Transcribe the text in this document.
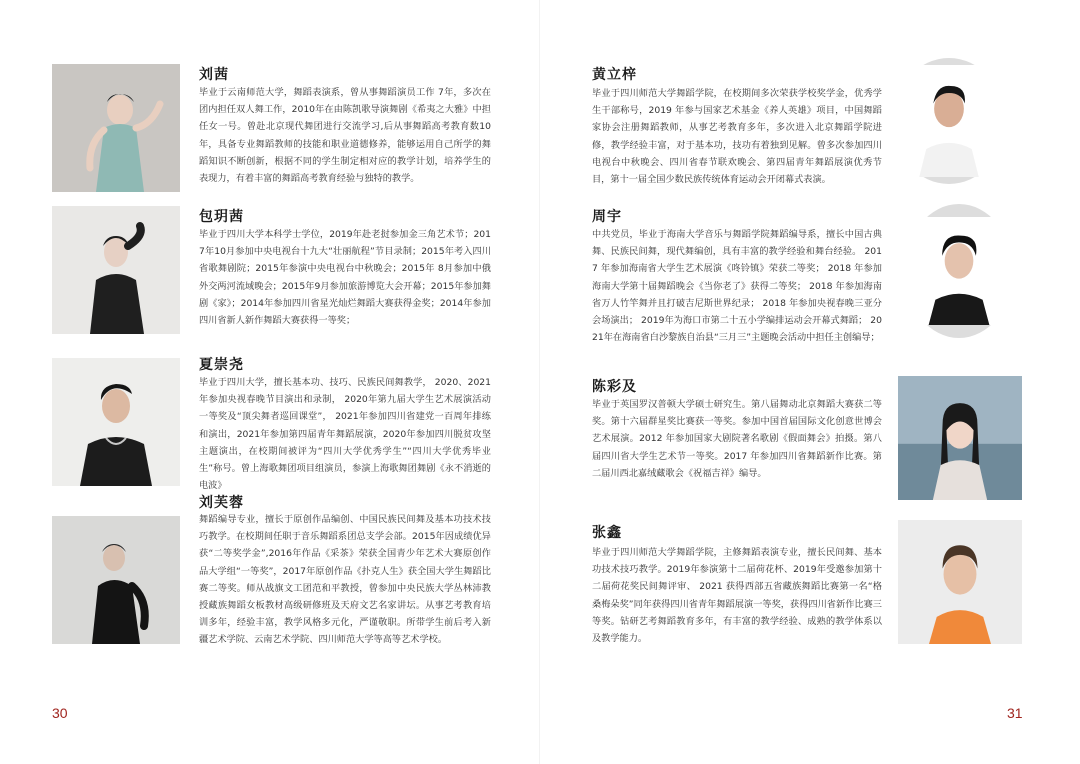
刘茜
毕业于云南师范大学，舞蹈表演系，曾从事舞蹈演员工作 7年，多次在团内担任双人舞工作，2010年在由陈凯歌导演舞剧《希夷之大雅》中担任女一号。曾赴北京现代舞团进行交流学习,后从事舞蹈高考教育数10年，具备专业舞蹈教师的技能和职业道德修养，能够运用自己所学的舞蹈知识不断创新，根据不同的学生制定相对应的教学计划，培养学生的表现力，有着丰富的舞蹈高考教育经验与独特的教学。
包玥茜
毕业于四川大学本科学士学位，2019年赴老挝参加金三角艺术节；2017年10月参加中央电视台十九大“壮丽航程”节目录制；2015年考入四川省歌舞剧院；2015年参演中央电视台中秋晚会；2015年 8月参加中俄外交两河流域晚会；2015年9月参加旅游博览大会开幕；2015年参加舞剧《家》；2014年参加四川省星光灿烂舞蹈大赛获得金奖；2014年参加四川省新人新作舞蹈大赛获得一等奖；
夏崇尧
毕业于四川大学，擅长基本功、技巧、民族民间舞教学， 2020、2021年参加央视春晚节目演出和录制， 2020年第九届大学生艺术展演活动一等奖及“顶尖舞者巡回课堂”， 2021年参加四川省建党一百周年排练和演出，2021年参加第四届青年舞蹈展演，2020年参加四川脱贫攻坚主题演出，在校期间被评为“四川大学优秀学生”“四川大学优秀毕业生”称号。曾上海歌舞团项目组演员，参演上海歌舞团舞剧《永不消逝的电波》
刘芙蓉
舞蹈编导专业，擅长于原创作品编创、中国民族民间舞及基本功技术技巧教学。在校期间任职于音乐舞蹈系团总支学会部。2015年因成绩优异获“二等奖学金”,2016年作品《采茶》荣获全国青少年艺术大赛原创作品大学组“一等奖”，2017年原创作品《扑克人生》获全国大学生舞蹈比赛二等奖。师从战旗文工团范和平教授，曾参加中央民族大学丛林沛教授藏族舞蹈女板教材高级研修班及天府文艺名家讲坛。从事艺考教育培训多年，经验丰富，教学风格多元化，严谨敬职。所带学生前后考入新疆艺术学院、云南艺术学院、四川师范大学等高等艺术学校。
30
黄立梓
毕业于四川师范大学舞蹈学院，在校期间多次荣获学校奖学金，优秀学生干部称号，2019 年参与国家艺术基金《养人英雄》项目，中国舞蹈家协会注册舞蹈教师，从事艺考教育多年，多次进入北京舞蹈学院进修，教学经验丰富，对于基本功，技功有着独到见解。曾多次参加四川电视台中秋晚会、四川省春节联欢晚会、第四届青年舞蹈展演优秀节目，第十一届全国少数民族传统体育运动会开闭幕式表演。
周宇
中共党员，毕业于海南大学音乐与舞蹈学院舞蹈编导系，擅长中国古典舞、民族民间舞，现代舞编创，具有丰富的教学经验和舞台经验。 2017 年参加海南省大学生艺术展演《咚铃镇》荣获二等奖； 2018 年参加海南大学第十届舞蹈晚会《当你老了》获得二等奖； 2018 年参加海南省万人竹竿舞并且打破吉尼斯世界纪录； 2018 年参加央视春晚三亚分会场演出； 2019年为海口市第二十五小学编排运动会开幕式舞蹈； 2021年在海南省白沙黎族自治县“三月三”主题晚会活动中担任主创编导；
陈彩及
毕业于英国罗汉普顿大学硕士研究生。第八届舞动北京舞蹈大赛获二等奖。第十六届群星奖比赛获一等奖。参加中国首届国际文化创意世博会艺术展演。2012 年参加国家大剧院著名歌剧《假面舞会》拍摄。第八届四川省大学生艺术节一等奖。2017 年参加四川省舞蹈新作比赛。第二届川西北嘉绒藏歌会《祝福吉祥》编导。
张鑫
毕业于四川师范大学舞蹈学院，主修舞蹈表演专业，擅长民间舞、基本功技术技巧教学。2019年参演第十二届荷花杯、2019年受邀参加第十二届荷花奖民间舞评审、 2021 获得西部五省藏族舞蹈比赛第一名“格桑梅朵奖”同年获得四川省青年舞蹈展演一等奖，获得四川省新作比赛三等奖。钻研艺考舞蹈教育多年，有丰富的教学经验、成熟的教学体系以及教学能力。
31
